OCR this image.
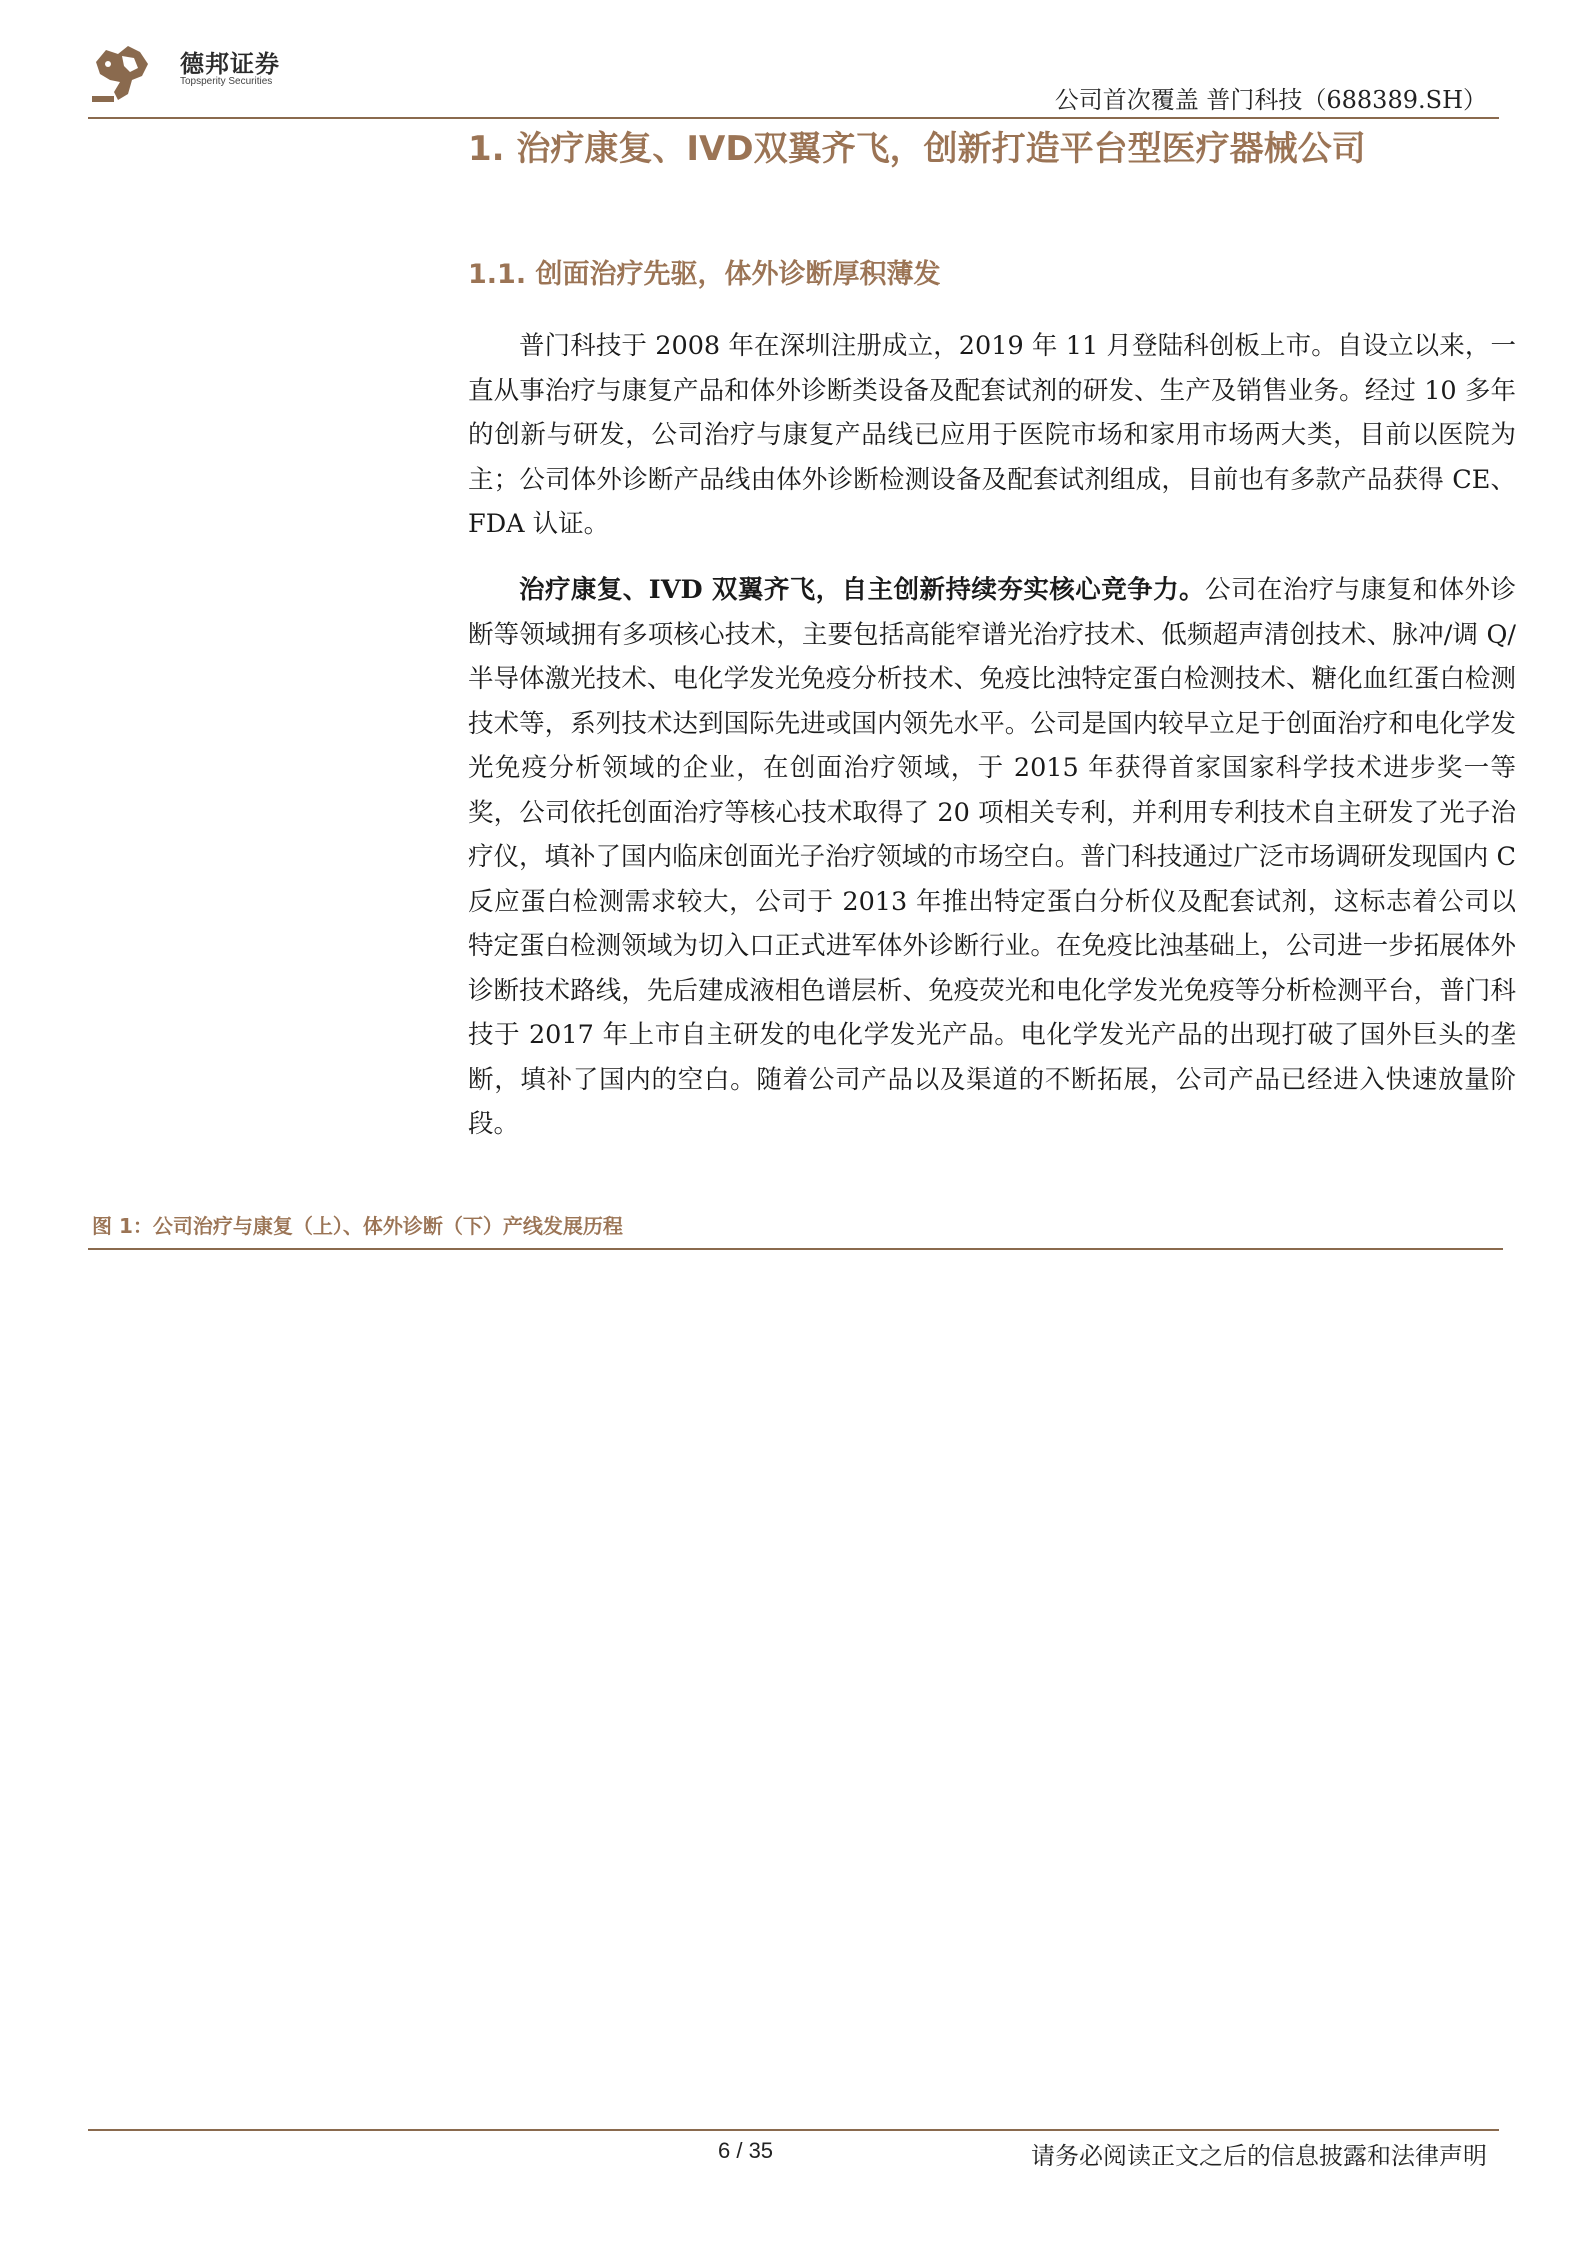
德邦证券
Topsperity Securities
公司首次覆盖 普门科技（688389.SH）
1. 治疗康复、IVD双翼齐飞，创新打造平台型医疗器械公司
1.1. 创面治疗先驱，体外诊断厚积薄发

普门科技于 2008 年在深圳注册成立，2019 年 11 月登陆科创板上市。自设立以来，一直从事治疗与康复产品和体外诊断类设备及配套试剂的研发、生产及销售业务。经过 10 多年的创新与研发，公司治疗与康复产品线已应用于医院市场和家用市场两大类，目前以医院为主；公司体外诊断产品线由体外诊断检测设备及配套试剂组成，目前也有多款产品获得 CE、FDA 认证。

治疗康复、IVD 双翼齐飞，自主创新持续夯实核心竞争力。公司在治疗与康复和体外诊断等领域拥有多项核心技术，主要包括高能窄谱光治疗技术、低频超声清创技术、脉冲/调 Q/半导体激光技术、电化学发光免疫分析技术、免疫比浊特定蛋白检测技术、糖化血红蛋白检测技术等，系列技术达到国际先进或国内领先水平。公司是国内较早立足于创面治疗和电化学发光免疫分析领域的企业，在创面治疗领域，于 2015 年获得首家国家科学技术进步奖一等奖，公司依托创面治疗等核心技术取得了 20 项相关专利，并利用专利技术自主研发了光子治疗仪，填补了国内临床创面光子治疗领域的市场空白。普门科技通过广泛市场调研发现国内 C 反应蛋白检测需求较大，公司于 2013 年推出特定蛋白分析仪及配套试剂，这标志着公司以特定蛋白检测领域为切入口正式进军体外诊断行业。在免疫比浊基础上，公司进一步拓展体外诊断技术路线，先后建成液相色谱层析、免疫荧光和电化学发光免疫等分析检测平台，普门科技于 2017 年上市自主研发的电化学发光产品。电化学发光产品的出现打破了国外巨头的垄断，填补了国内的空白。随着公司产品以及渠道的不断拓展，公司产品已经进入快速放量阶段。

图 1：公司治疗与康复（上）、体外诊断（下）产线发展历程
6 / 35	请务必阅读正文之后的信息披露和法律声明
